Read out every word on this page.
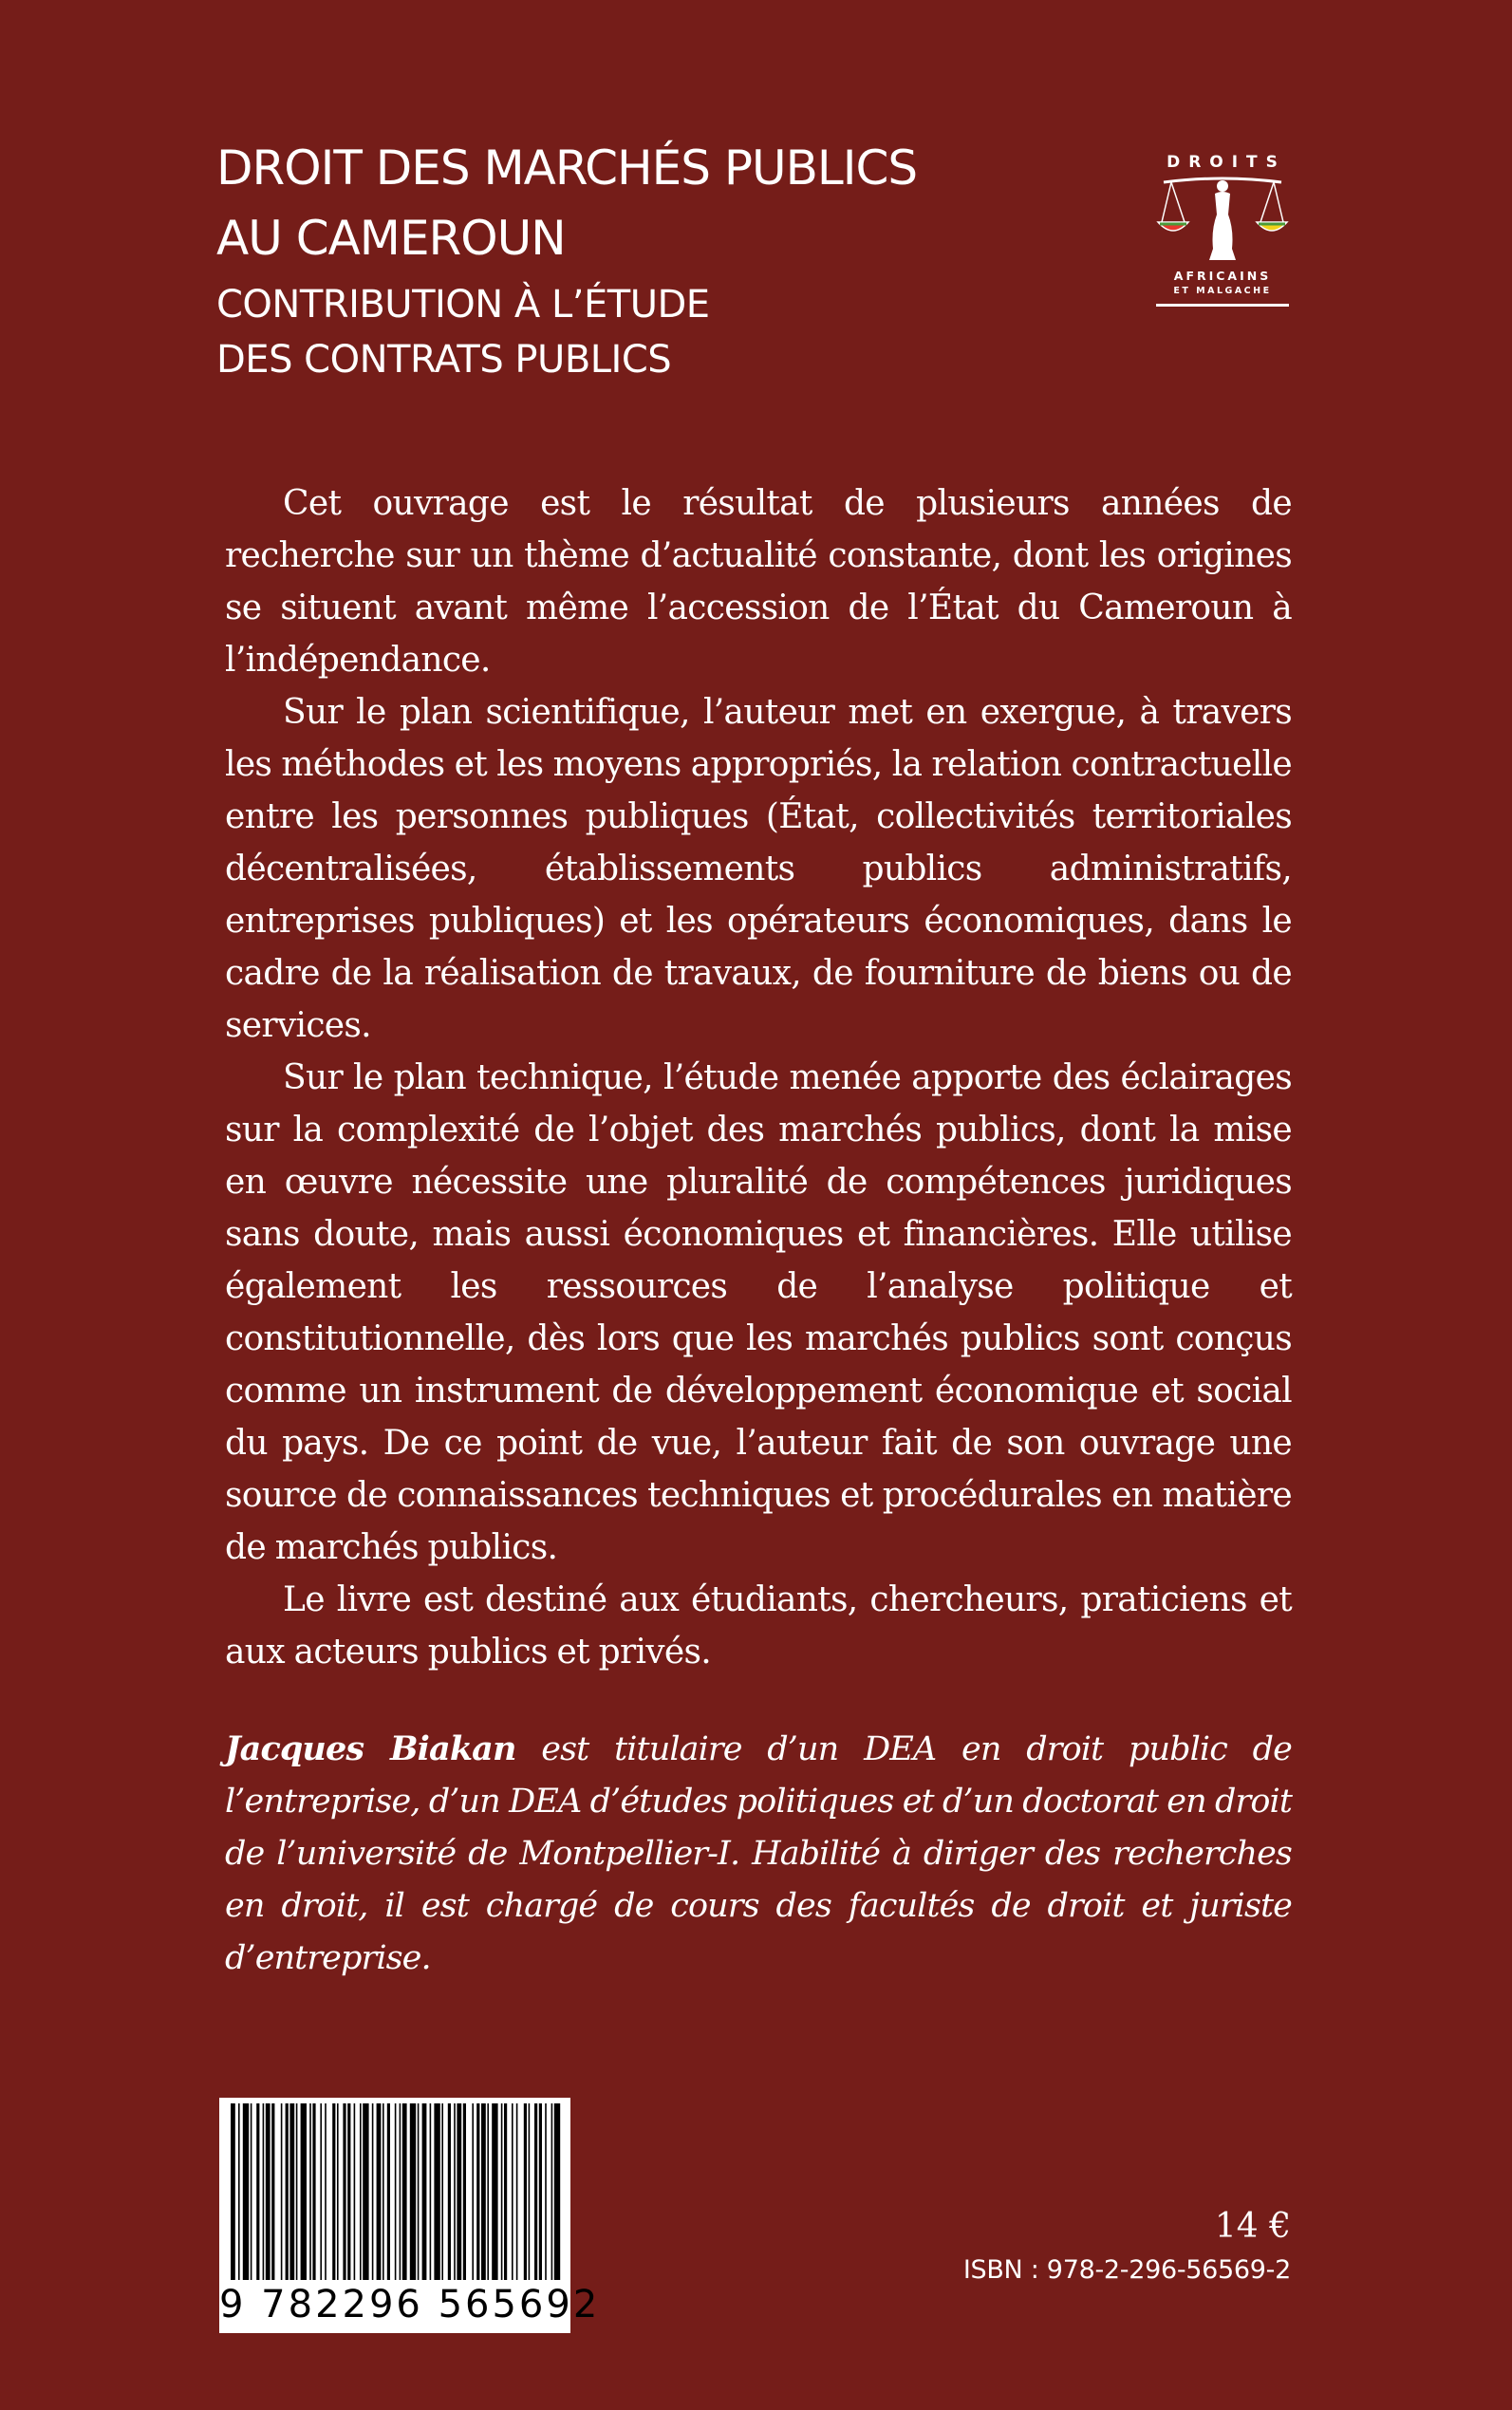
DROIT DES MARCHÉS PUBLICS
AU CAMEROUN
CONTRIBUTION À L’ÉTUDE
DES CONTRATS PUBLICS
DROITS
AFRICAINS
ET MALGACHE

Cet ouvrage est le résultat de plusieurs années de recherche sur un thème d’actualité constante, dont les origines se situent avant même l’accession de l’État du Cameroun à l’indépendance.

Sur le plan scientifique, l’auteur met en exergue, à travers les méthodes et les moyens appropriés, la relation contractuelle entre les personnes publiques (État, collectivités territoriales décentralisées, établissements publics administratifs, entreprises publiques) et les opérateurs économiques, dans le cadre de la réalisation de travaux, de fourniture de biens ou de services.

Sur le plan technique, l’étude menée apporte des éclairages sur la complexité de l’objet des marchés publics, dont la mise en œuvre nécessite une pluralité de compétences juridiques sans doute, mais aussi économiques et financières. Elle utilise également les ressources de l’analyse politique et constitutionnelle, dès lors que les marchés publics sont conçus comme un instrument de développement économique et social du pays. De ce point de vue, l’auteur fait de son ouvrage une source de connaissances techniques et procédurales en matière de marchés publics.

Le livre est destiné aux étudiants, chercheurs, praticiens et aux acteurs publics et privés.

Jacques Biakan est titulaire d’un DEA en droit public de l’entreprise, d’un DEA d’études politiques et d’un doctorat en droit de l’université de Montpellier-I. Habilité à diriger des recherches en droit, il est chargé de cours des facultés de droit et juriste d’entreprise.

9 782296 565692
14 €
ISBN : 978-2-296-56569-2
